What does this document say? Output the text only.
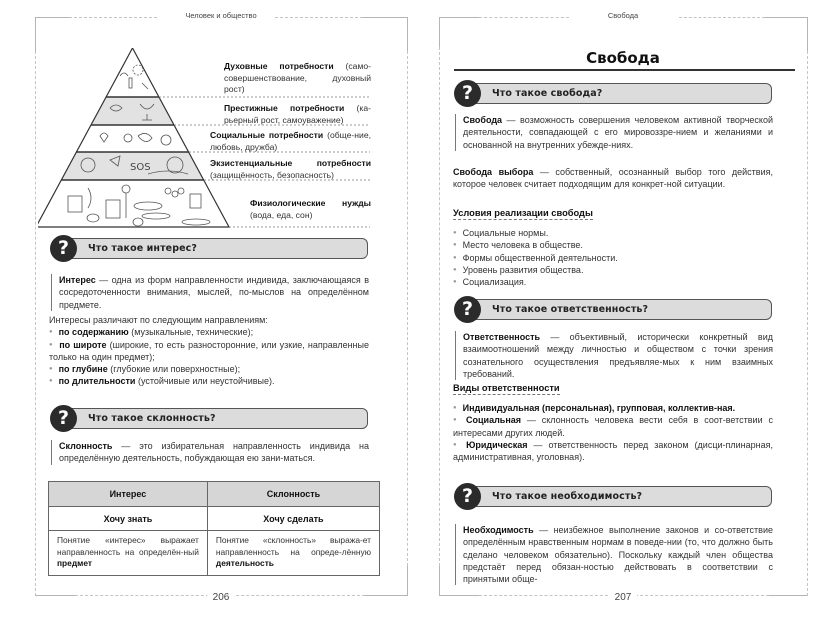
Человек и общество
SOS
Духовные потребности (само-совершенствование, духовный рост)
Престижные потребности (ка-рьерный рост, самоуважение)
Социальные потребности (обще-ние, любовь, дружба)
Экзистенциальные потребности (защищённость, безопасность)
Физиологические нужды (вода, еда, сон)
?	Что такое интерес?
Интерес — одна из форм направленности индивида, заключающаяся в сосредоточенности внимания, мыслей, по-мыслов на определённом предмете.
Интересы различают по следующим направлениям:
● по содержанию (музыкальные, технические);
● по широте (широкие, то есть разносторонние, или узкие, направленные только на один предмет);
● по глубине (глубокие или поверхностные);
● по длительности (устойчивые или неустойчивые).
?	Что такое склонность?
Склонность — это избирательная направленность индивида на определённую деятельность, побуждающая ею зани-маться.
Интерес	Склонность
Хочу знать	Хочу сделать
Понятие «интерес» выражает направленность на определён-ный предмет	Понятие «склонность» выража-ет направленность на опреде-лённую деятельность
206
Свобода
Свобода
?	Что такое свобода?
Свобода — возможность совершения человеком активной творческой деятельности, совпадающей с его мировоззре-нием и желаниями и основанной на внутренних убежде-ниях.
Свобода выбора — собственный, осознанный выбор того действия, которое человек считает подходящим для конкрет-ной ситуации.
Условия реализации свободы
● Социальные нормы.
● Место человека в обществе.
● Формы общественной деятельности.
● Уровень развития общества.
● Социализация.
?	Что такое ответственность?
Ответственность — объективный, исторически конкретный вид взаимоотношений между личностью и обществом с точки зрения сознательного осуществления предъявляе-мых к ним взаимных требований.
Виды ответственности
● Индивидуальная (персональная), групповая, коллектив-ная.
● Социальная — склонность человека вести себя в соот-ветствии с интересами других людей.
● Юридическая — ответственность перед законом (дисци-плинарная, административная, уголовная).
?	Что такое необходимость?
Необходимость — неизбежное выполнение законов и со-ответствие определённым нравственным нормам в поведе-нии (то, что должно быть сделано человеком обязательно). Поскольку каждый член общества предстаёт перед обязан-ностью действовать в соответствии с принятыми обще-
207
